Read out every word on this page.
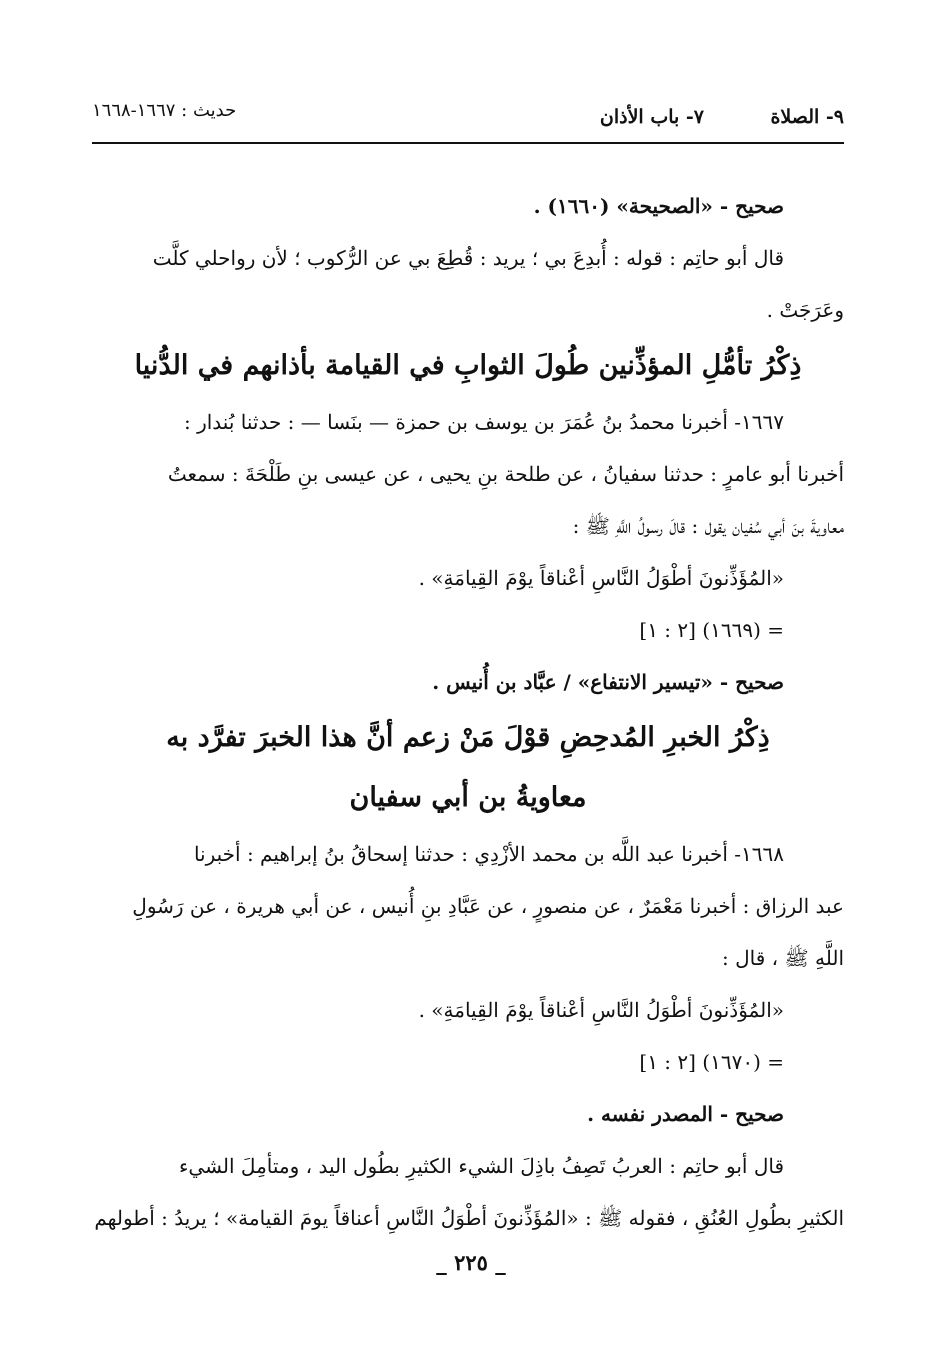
٩- الصلاة
٧- باب الأذان
حديث : ١٦٦٧-١٦٦٨
صحيح - «الصحيحة» (١٦٦٠) .
قال أبو حاتِم : قوله : أُبدِعَ بي ؛ يريد : قُطِعَ بي عن الرُّكوب ؛ لأن رواحلي كلَّت
وعَرَجَتْ .
ذِكْرُ تأمُّلِ المؤذِّنين طُولَ الثوابِ في القيامة بأذانهم في الدُّنيا
١٦٦٧- أخبرنا محمدُ بنُ عُمَرَ بن يوسف بن حمزة — بنَسا — : حدثنا بُندار :
أخبرنا أبو عامرٍ : حدثنا سفيانُ ، عن طلحة بنِ يحيى ، عن عيسى بنِ طَلْحَةَ : سمعتُ
معاويةَ بنَ أبي سُفيان يقول : قالَ رسولُ اللَّهِ ﷺ :
«المُؤَذِّنونَ أطْوَلُ النَّاسِ أعْناقاً يوْمَ القِيامَةِ» .
= (١٦٦٩) [٢ : ١]
صحيح - «تيسير الانتفاع» / عبَّاد بن أُنيس .
ذِكْرُ الخبرِ المُدحِضِ قوْلَ مَنْ زعم أنَّ هذا الخبرَ تفرَّد به
معاويةُ بن أبي سفيان
١٦٦٨- أخبرنا عبد اللَّه بن محمد الأزْدِي : حدثنا إسحاقُ بنُ إبراهيم : أخبرنا
عبد الرزاق : أخبرنا مَعْمَرٌ ، عن منصورٍ ، عن عَبَّادِ بنِ أُنيس ، عن أبي هريرة ، عن رَسُولِ
اللَّهِ ﷺ ، قال :
«المُؤَذِّنونَ أطْوَلُ النَّاسِ أعْناقاً يوْمَ القِيامَةِ» .
= (١٦٧٠) [٢ : ١]
صحيح - المصدر نفسه .
قال أبو حاتِم : العربُ تَصِفُ باذِلَ الشيء الكثيرِ بطُول اليد ، ومتأمِلَ الشيء
الكثيرِ بطُولِ العُنُقِ ، فقوله ﷺ : «المُؤَذِّنونَ أطْوَلُ النَّاسِ أعناقاً يومَ القيامة» ؛ يريدُ : أطولهم
_ ٢٢٥ _
